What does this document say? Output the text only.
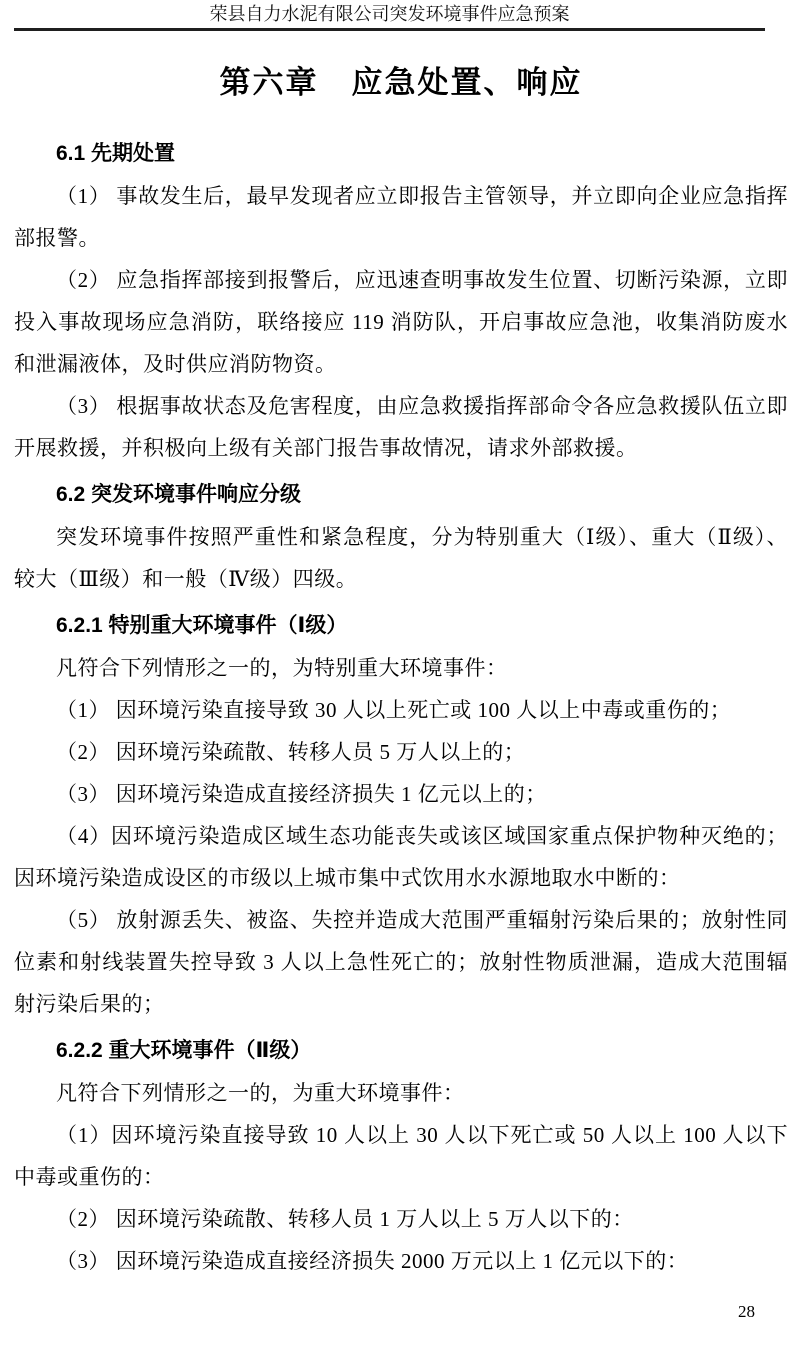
荣县自力水泥有限公司突发环境事件应急预案
第六章　应急处置、响应
6.1 先期处置

（1） 事故发生后，最早发现者应立即报告主管领导，并立即向企业应急指挥部报警。

（2） 应急指挥部接到报警后，应迅速查明事故发生位置、切断污染源，立即投入事故现场应急消防，联络接应 119 消防队，开启事故应急池，收集消防废水和泄漏液体，及时供应消防物资。

（3） 根据事故状态及危害程度，由应急救援指挥部命令各应急救援队伍立即开展救援，并积极向上级有关部门报告事故情况，请求外部救援。

6.2 突发环境事件响应分级

突发环境事件按照严重性和紧急程度，分为特别重大（Ⅰ级）、重大（Ⅱ级）、较大（Ⅲ级）和一般（Ⅳ级）四级。

6.2.1 特别重大环境事件（Ⅰ级）

凡符合下列情形之一的，为特别重大环境事件：

（1） 因环境污染直接导致 30 人以上死亡或 100 人以上中毒或重伤的；

（2） 因环境污染疏散、转移人员 5 万人以上的；

（3） 因环境污染造成直接经济损失 1 亿元以上的；

（4）因环境污染造成区域生态功能丧失或该区域国家重点保护物种灭绝的；因环境污染造成设区的市级以上城市集中式饮用水水源地取水中断的：

（5） 放射源丢失、被盗、失控并造成大范围严重辐射污染后果的；放射性同位素和射线装置失控导致 3 人以上急性死亡的；放射性物质泄漏，造成大范围辐射污染后果的；

6.2.2 重大环境事件（Ⅱ级）

凡符合下列情形之一的，为重大环境事件：

（1）因环境污染直接导致 10 人以上 30 人以下死亡或 50 人以上 100 人以下中毒或重伤的：

（2） 因环境污染疏散、转移人员 1 万人以上 5 万人以下的：

（3） 因环境污染造成直接经济损失 2000 万元以上 1 亿元以下的：

28
